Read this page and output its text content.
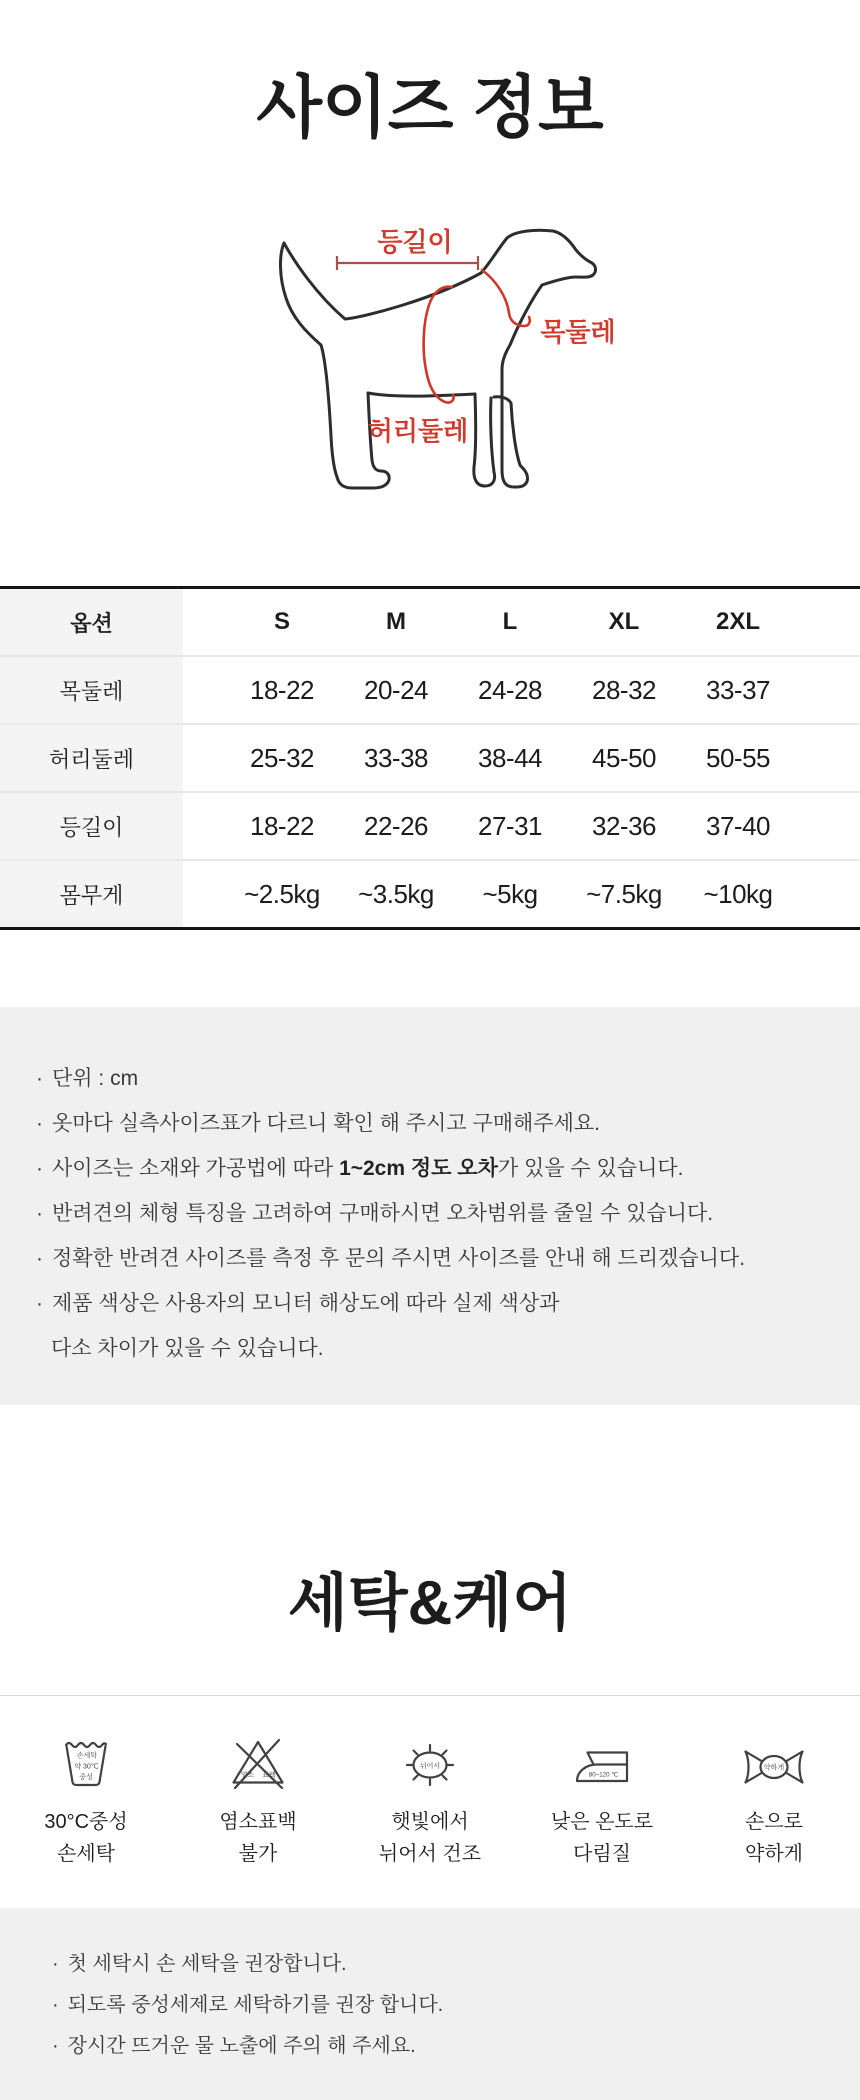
사이즈 정보
등길이
목둘레
허리둘레
옵션		S	M	L	XL	2XL	
목둘레		18-22	20-24	24-28	28-32	33-37	
허리둘레		25-32	33-38	38-44	45-50	50-55	
등길이		18-22	22-26	27-31	32-36	37-40	
몸무게		~2.5kg	~3.5kg	~5kg	~7.5kg	~10kg	

· 단위 : cm

· 옷마다 실측사이즈표가 다르니 확인 해 주시고 구매해주세요.

· 사이즈는 소재와 가공법에 따라 1~2cm 정도 오차가 있을 수 있습니다.

· 반려견의 체형 특징을 고려하여 구매하시면 오차범위를 줄일 수 있습니다.

· 정확한 반려견 사이즈를 측정 후 문의 주시면 사이즈를 안내 해 드리겠습니다.

· 제품 색상은 사용자의 모니터 해상도에 따라 실제 색상과

다소 차이가 있을 수 있습니다.

세탁&케어
손세탁
약 30℃
중성

30°C중성

손세탁

염소 표백

염소표백

불가

뉘어서

햇빛에서

뉘어서 건조

80~120 ℃

낮은 온도로

다림질

약하게

손으로

약하게

· 첫 세탁시 손 세탁을 권장합니다.

· 되도록 중성세제로 세탁하기를 권장 합니다.

· 장시간 뜨거운 물 노출에 주의 해 주세요.
